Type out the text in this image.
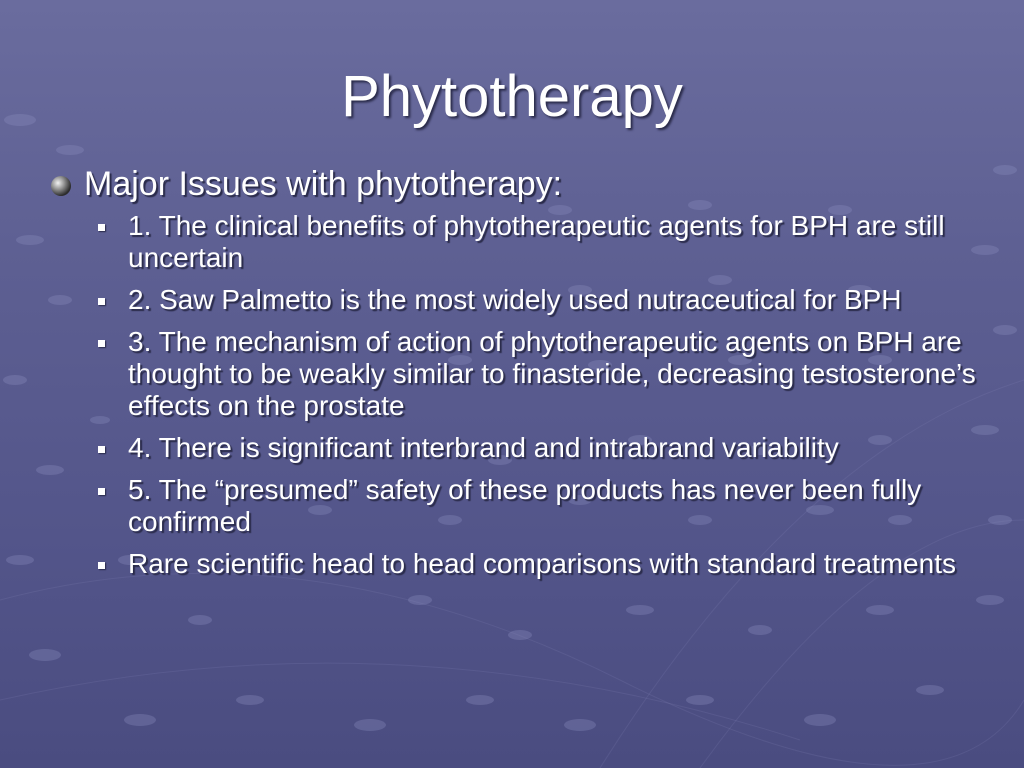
Phytotherapy
Major Issues with phytotherapy:
1. The clinical benefits of phytotherapeutic agents for BPH are still uncertain
2. Saw Palmetto is the most widely used nutraceutical for BPH
3. The mechanism of action of phytotherapeutic agents on BPH are thought to be weakly similar to finasteride, decreasing testosterone’s effects on the prostate
4. There is significant interbrand and intrabrand variability
5. The “presumed” safety of these products has never been fully confirmed
Rare scientific head to head comparisons with standard treatments
